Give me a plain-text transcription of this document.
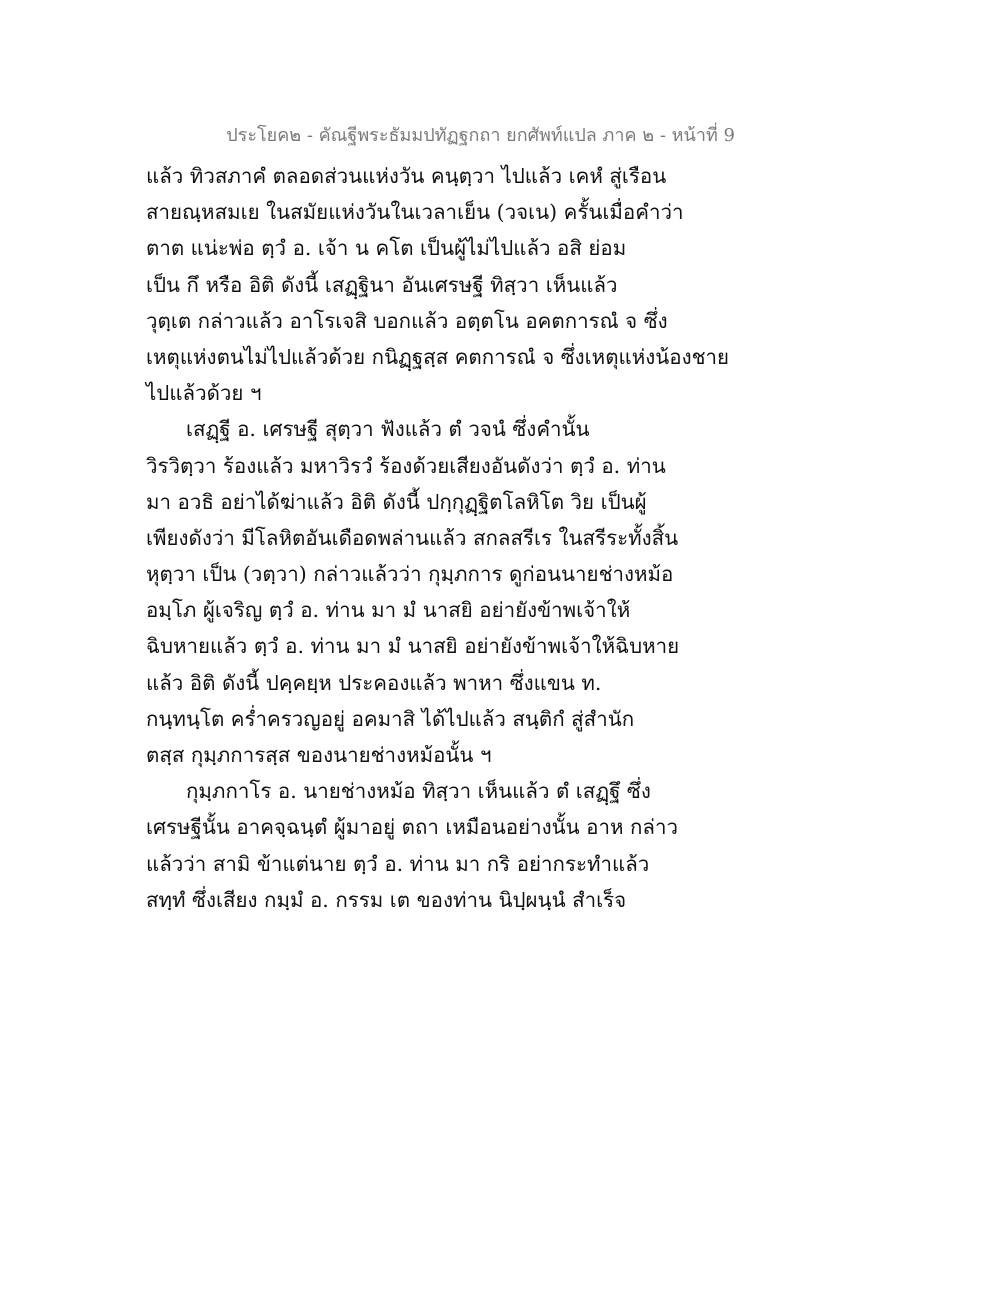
ประโยค๒ - คัณฐีพระธัมมปทัฏฐกถา ยกศัพท์แปล ภาค ๒ - หน้าที่ 9
แล้ว ทิวสภาคํ ตลอดส่วนแห่งวัน คนฺตฺวา ไปแล้ว เคหํ สู่เรือน
สายณฺหสมเย ในสมัยแห่งวันในเวลาเย็น (วจเน) ครั้นเมื่อคำว่า
ตาต แน่ะพ่อ ตฺวํ อ. เจ้า น คโต เป็นผู้ไม่ไปแล้ว อสิ ย่อม
เป็น กึ หรือ อิติ ดังนี้ เสฏฺฐินา อันเศรษฐี ทิสฺวา เห็นแล้ว
วุตฺเต กล่าวแล้ว อาโรเจสิ บอกแล้ว อตฺตโน อคตการณํ จ ซึ่ง
เหตุแห่งตนไม่ไปแล้วด้วย กนิฏฺฐสฺส คตการณํ จ ซึ่งเหตุแห่งน้องชาย
ไปแล้วด้วย ฯ
เสฏฺฐี อ. เศรษฐี สุตฺวา ฟังแล้ว ตํ วจนํ ซึ่งคำนั้น
วิรวิตฺวา ร้องแล้ว มหาวิรวํ ร้องด้วยเสียงอันดังว่า ตฺวํ อ. ท่าน
มา อวธิ อย่าได้ฆ่าแล้ว อิติ ดังนี้ ปกฺกุฏฺฐิตโลหิโต วิย เป็นผู้
เพียงดังว่า มีโลหิตอันเดือดพล่านแล้ว สกลสรีเร ในสรีระทั้งสิ้น
หุตฺวา เป็น (วตฺวา) กล่าวแล้วว่า กุมฺภการ ดูก่อนนายช่างหม้อ
อมฺโภ ผู้เจริญ ตฺวํ อ. ท่าน มา มํ นาสยิ อย่ายังข้าพเจ้าให้
ฉิบหายแล้ว ตฺวํ อ. ท่าน มา มํ นาสยิ อย่ายังข้าพเจ้าให้ฉิบหาย
แล้ว อิติ ดังนี้ ปคฺคยฺห ประคองแล้ว พาหา ซึ่งแขน ท.
กนฺทนฺโต คร่ำครวญอยู่ อคมาสิ ได้ไปแล้ว สนฺติกํ สู่สำนัก
ตสฺส กุมฺภการสฺส ของนายช่างหม้อนั้น ฯ
กุมฺภกาโร อ. นายช่างหม้อ ทิสฺวา เห็นแล้ว ตํ เสฏฺฐึ ซึ่ง
เศรษฐีนั้น อาคจฺฉนฺตํ ผู้มาอยู่ ตถา เหมือนอย่างนั้น อาห กล่าว
แล้วว่า สามิ ข้าแต่นาย ตฺวํ อ. ท่าน มา กริ อย่ากระทำแล้ว
สทฺทํ ซึ่งเสียง กมฺมํ อ. กรรม เต ของท่าน นิปฺผนฺนํ สำเร็จ
